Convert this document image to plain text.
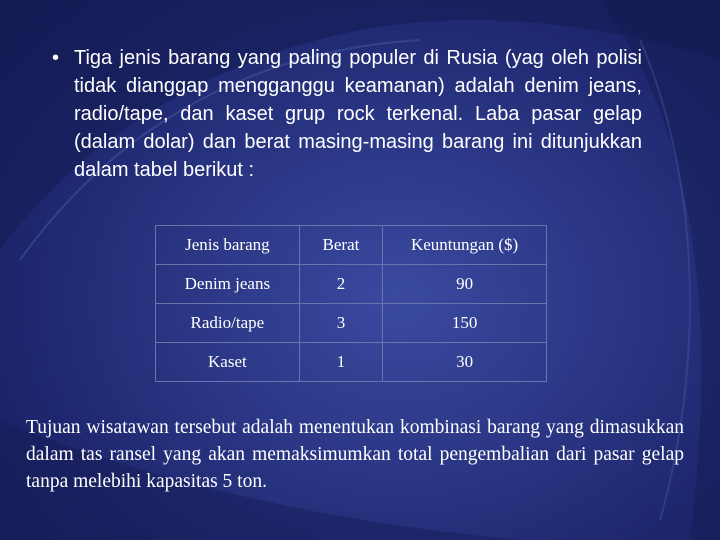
• Tiga jenis barang yang paling populer di Rusia (yag oleh polisi tidak dianggap mengganggu keamanan) adalah denim jeans, radio/tape, dan kaset grup rock terkenal. Laba pasar gelap (dalam dolar) dan berat masing-masing barang ini ditunjukkan dalam tabel berikut :
Jenis barang	Berat	Keuntungan ($)
Denim jeans	2	90
Radio/tape	3	150
Kaset	1	30
Tujuan wisatawan tersebut adalah menentukan kombinasi barang yang dimasukkan dalam tas ransel yang akan memaksimumkan total pengembalian dari pasar gelap tanpa melebihi kapasitas 5 ton.
